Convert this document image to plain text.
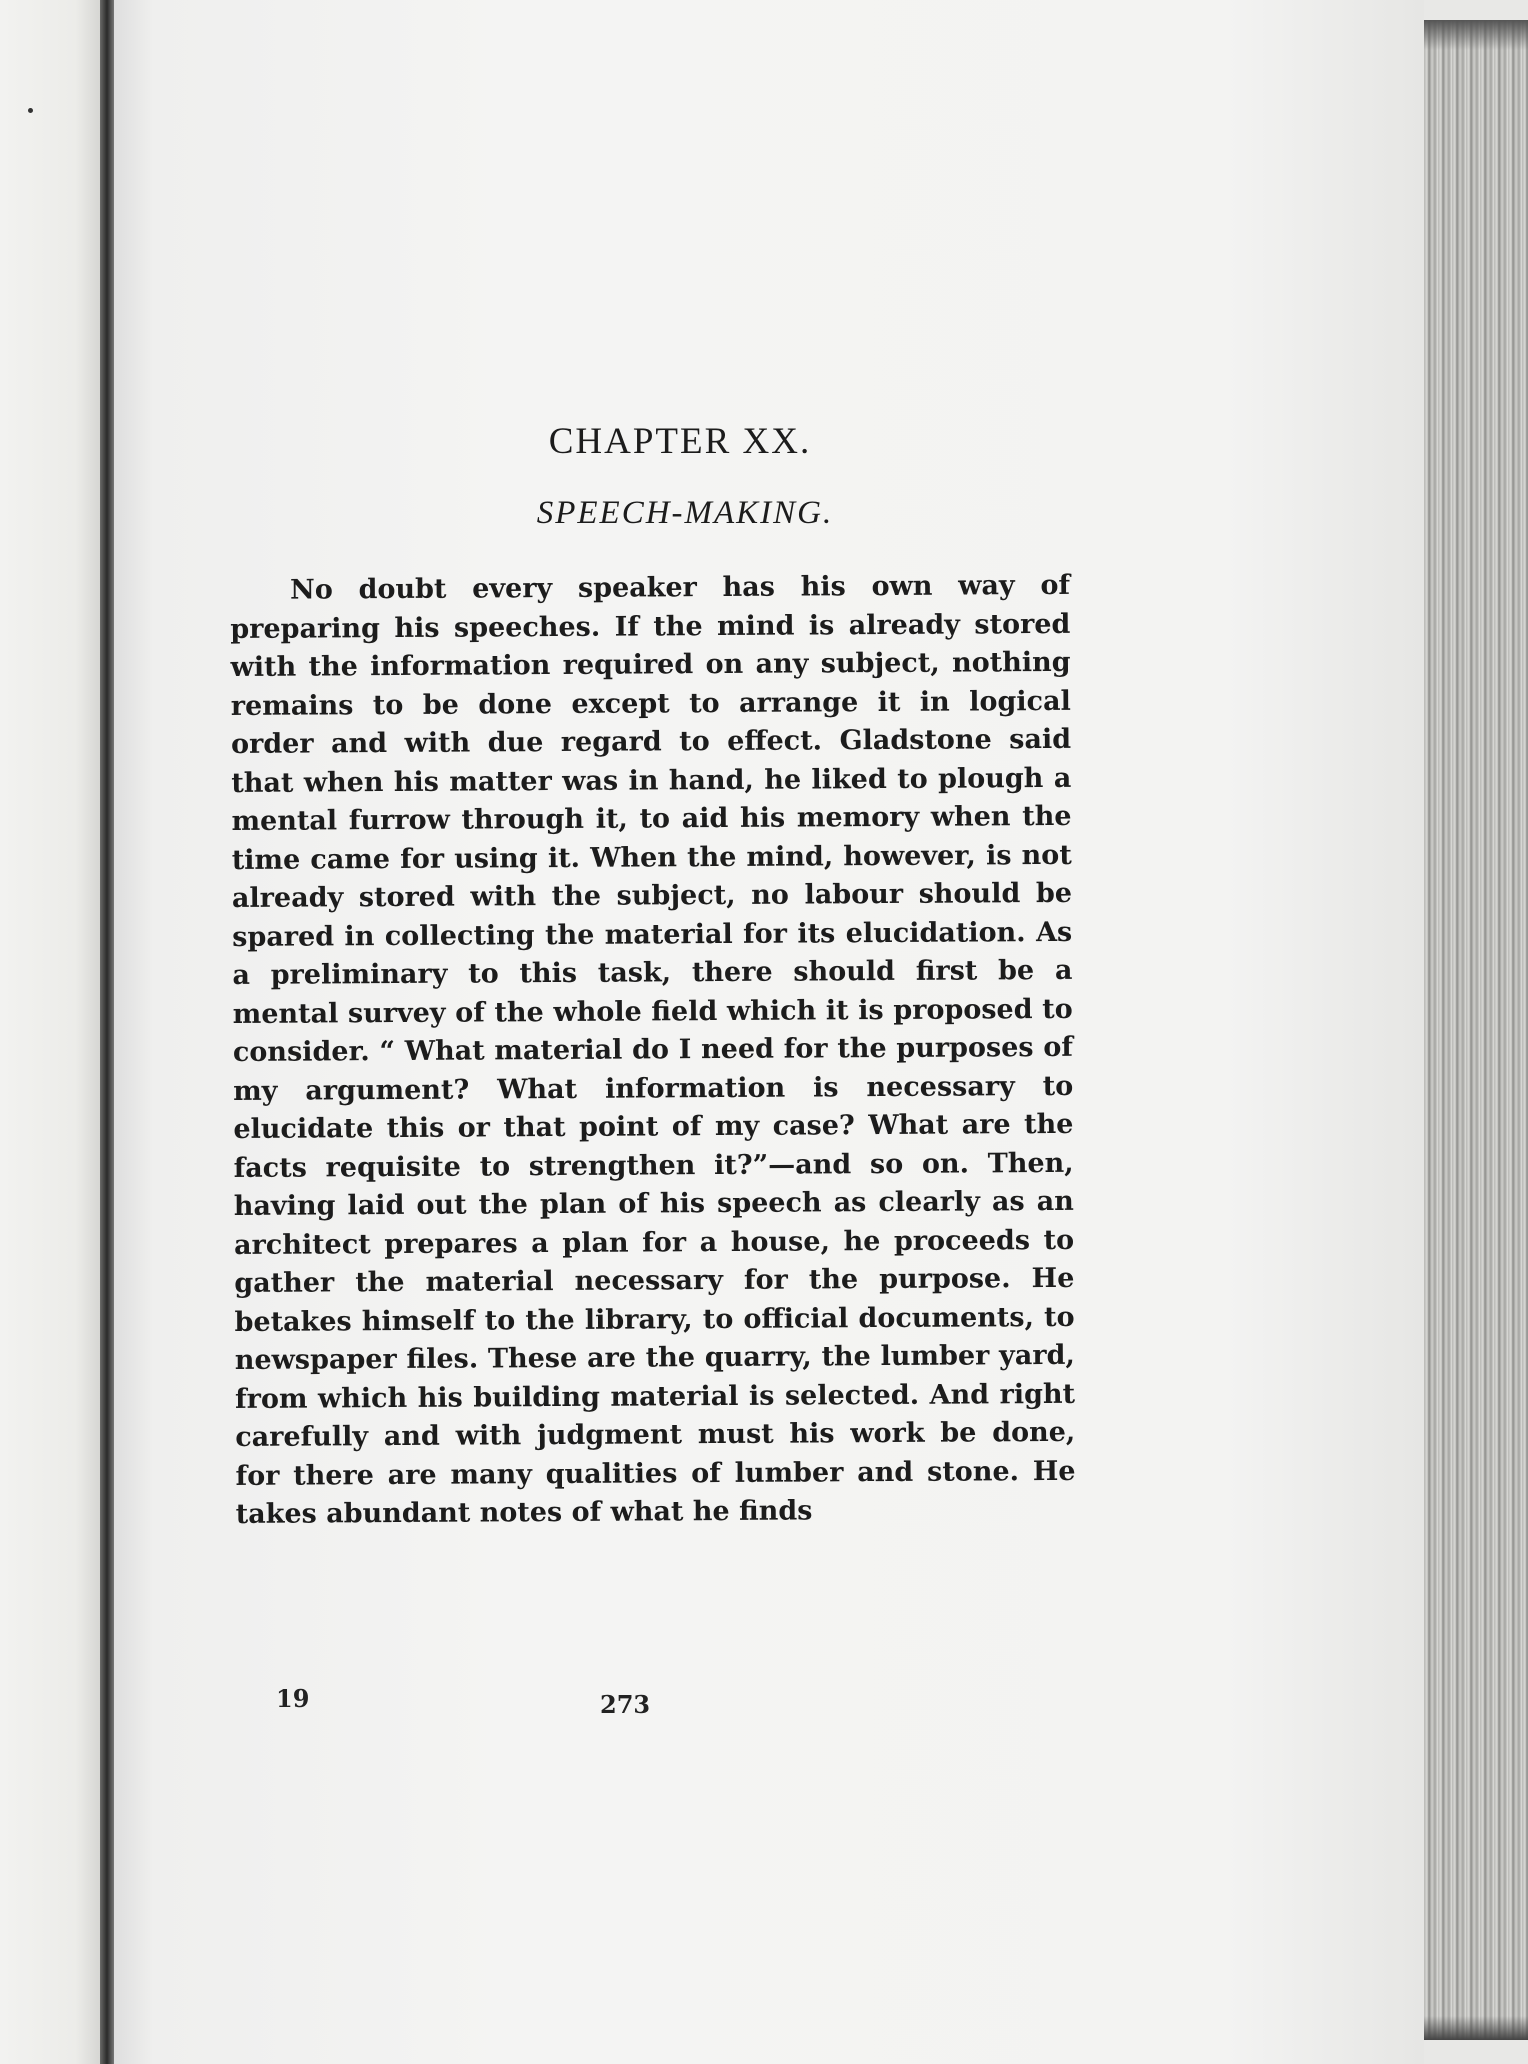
CHAPTER XX.
SPEECH-MAKING.

No doubt every speaker has his own way of preparing his speeches. If the mind is already stored with the information required on any subject, nothing remains to be done except to arrange it in logical order and with due regard to effect. Gladstone said that when his matter was in hand, he liked to plough a mental furrow through it, to aid his memory when the time came for using it. When the mind, however, is not already stored with the subject, no labour should be spared in collecting the material for its elucidation. As a preliminary to this task, there should first be a mental survey of the whole field which it is proposed to consider. “ What material do I need for the purposes of my argument? What information is necessary to elucidate this or that point of my case? What are the facts requisite to strengthen it?”—and so on. Then, having laid out the plan of his speech as clearly as an architect prepares a plan for a house, he proceeds to gather the material necessary for the purpose. He betakes himself to the library, to official documents, to newspaper files. These are the quarry, the lumber yard, from which his building material is selected. And right carefully and with judgment must his work be done, for there are many qualities of lumber and stone. He takes abundant notes of what he finds

19	273
